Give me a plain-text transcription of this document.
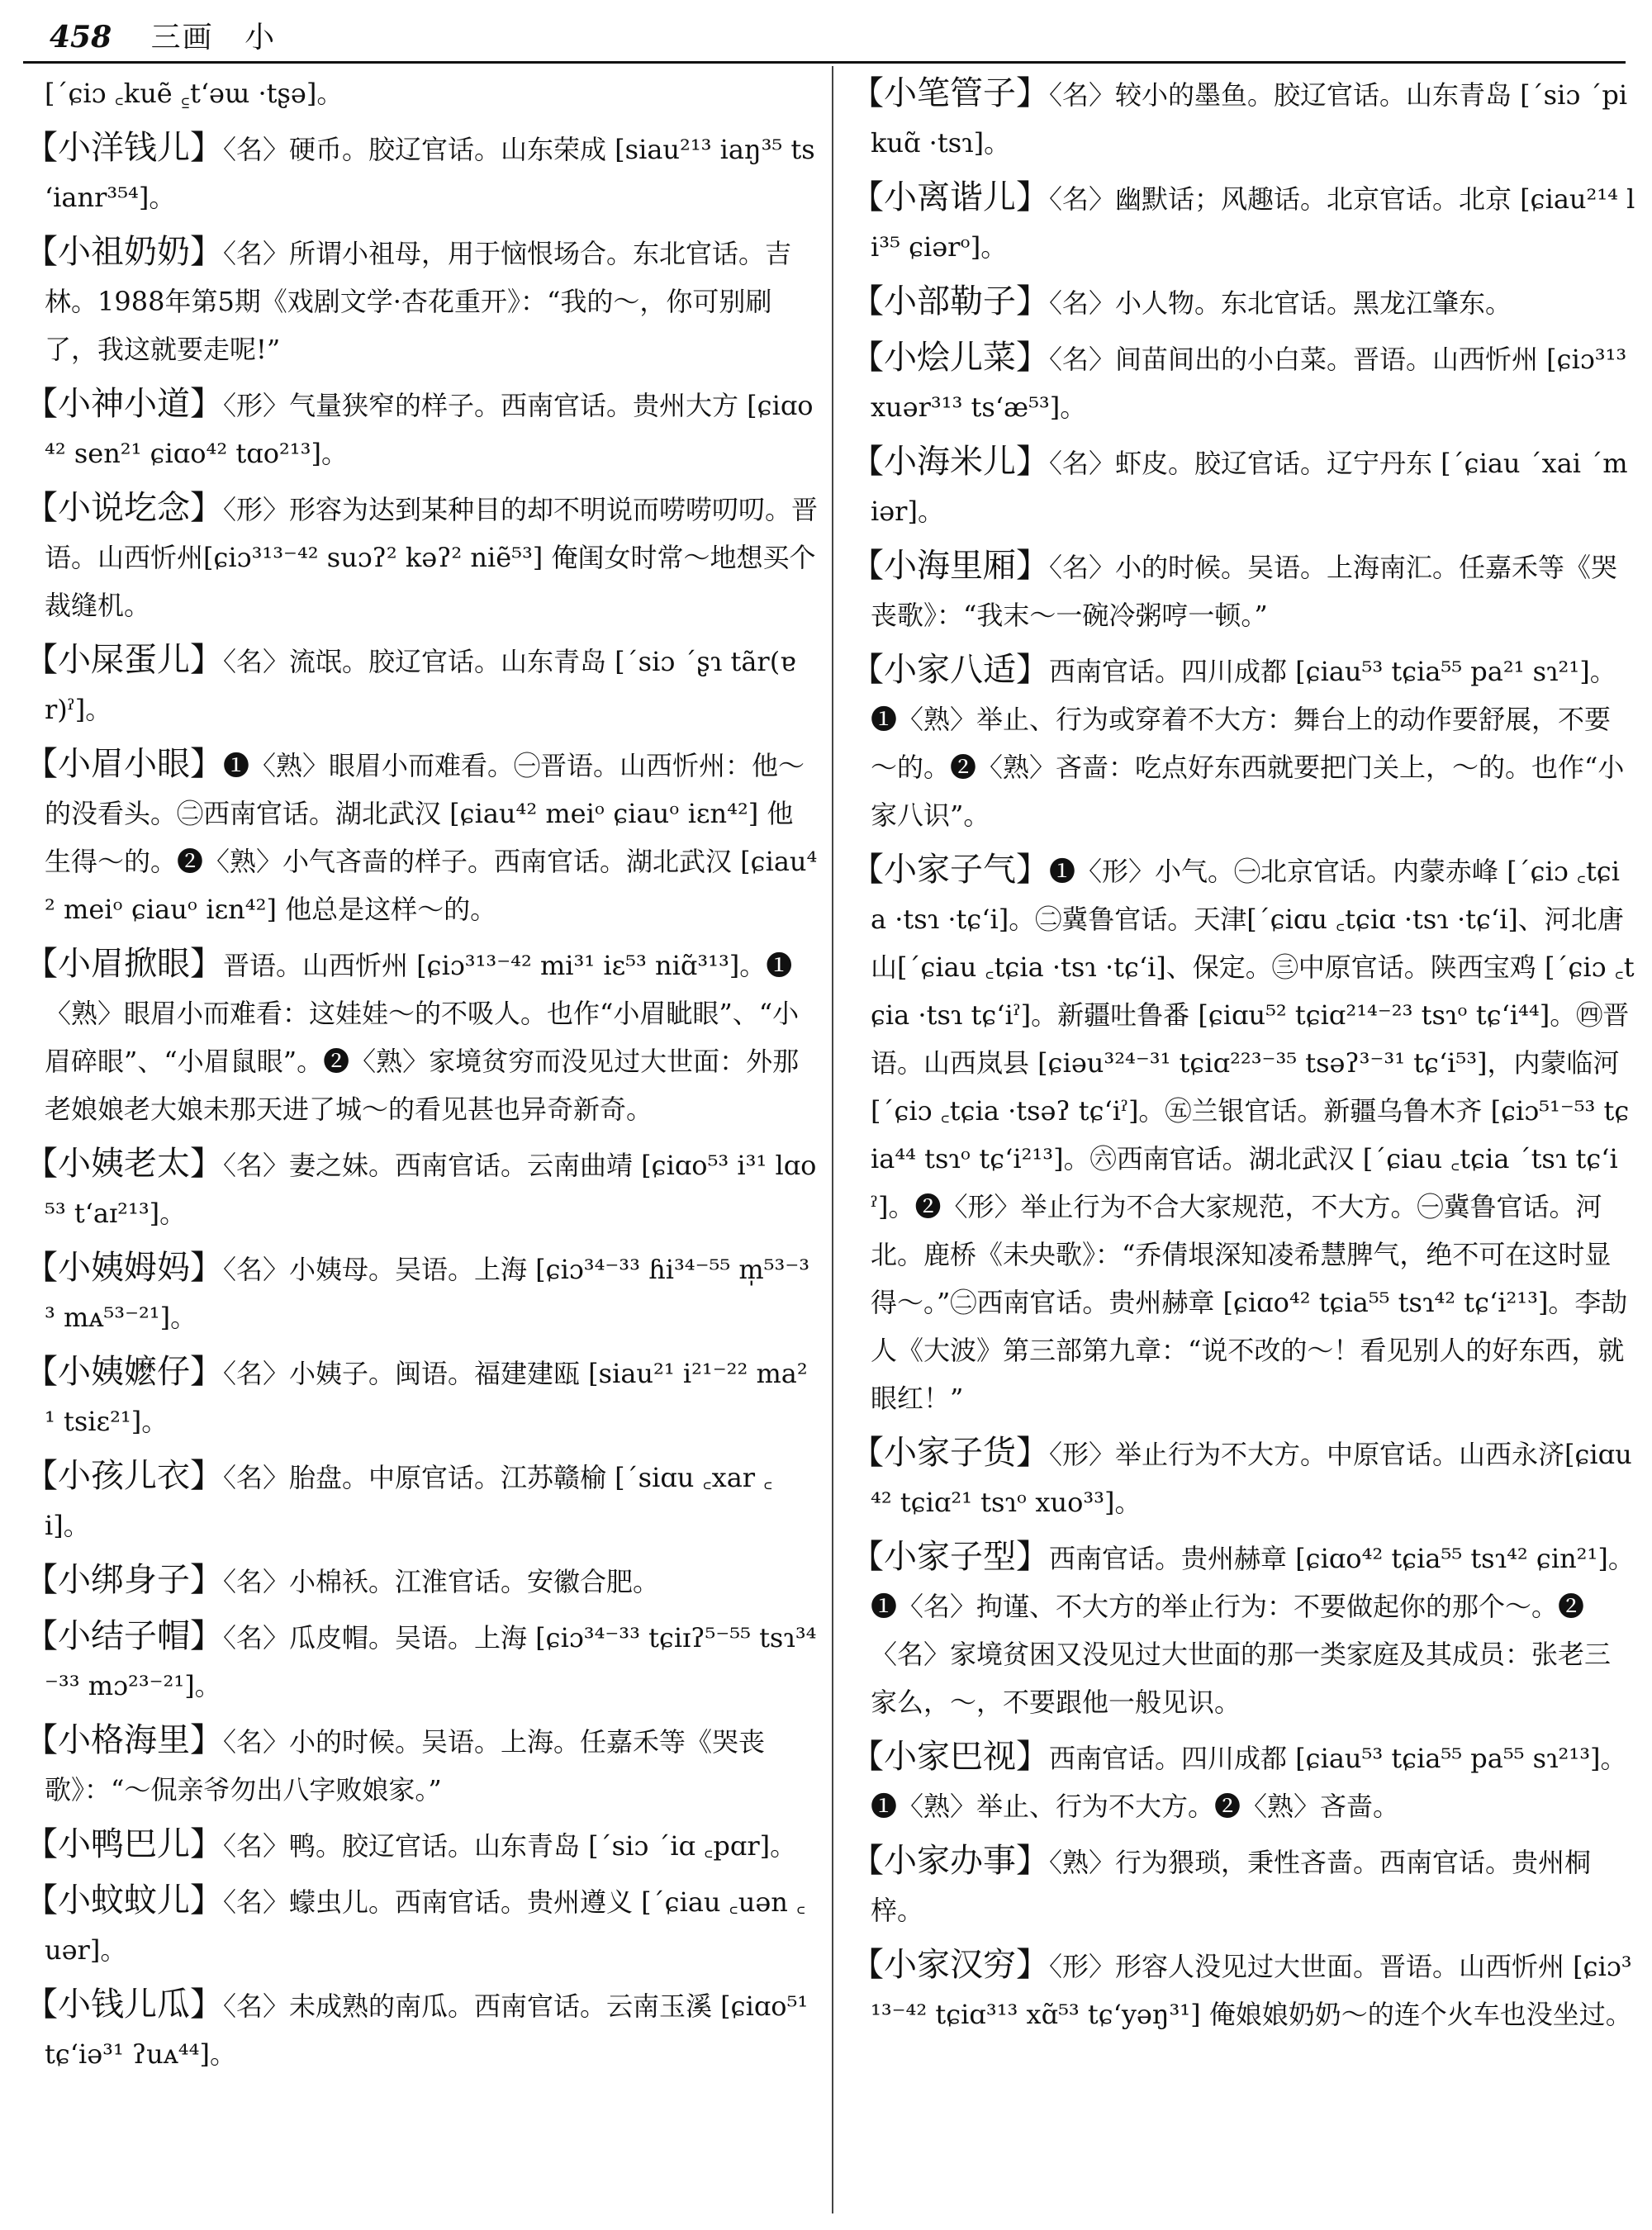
458 三画 小

[ˊɕiɔ ꜀kuẽ ꜁tʻəɯ ·tʂə]。

【 小洋钱儿 】 〈名〉硬币。胶辽官话。山东荣成 [siau²¹³ iaŋ³⁵ tsʻianr³⁵⁴]。

【 小祖奶奶 】 〈名〉所谓小祖母，用于恼恨场合。东北官话。吉林。1988年第5期《戏剧文学·杏花重开》：“我的～，你可别刷了，我这就要走呢!”

【 小神小道 】 〈形〉气量狭窄的样子。西南官话。贵州大方 [ɕiɑo⁴² sen²¹ ɕiɑo⁴² tɑo²¹³]。

【 小说圪念 】 〈形〉形容为达到某种目的却不明说而唠唠叨叨。晋语。山西忻州[ɕiɔ³¹³⁻⁴² suɔʔ² kəʔ² niẽ⁵³] 俺闺女时常～地想买个裁缝机。

【 小屎蛋儿 】 〈名〉流氓。胶辽官话。山东青岛 [ˊsiɔ ˊʂɿ tãr(ɐr)ˀ]。

【 小眉小眼 】 ❶〈熟〉眼眉小而难看。㊀晋语。山西忻州：他～的没看头。㊁西南官话。湖北武汉 [ɕiau⁴² meiᵒ ɕiauᵒ iɛn⁴²] 他生得～的。❷〈熟〉小气吝啬的样子。西南官话。湖北武汉 [ɕiau⁴² meiᵒ ɕiauᵒ iɛn⁴²] 他总是这样～的。

【 小眉掀眼 】 晋语。山西忻州 [ɕiɔ³¹³⁻⁴² mi³¹ iɛ⁵³ niɑ̃³¹³]。❶〈熟〉眼眉小而难看：这娃娃～的不吸人。也作“小眉眦眼”、“小眉碎眼”、“小眉鼠眼”。❷〈熟〉家境贫穷而没见过大世面：外那老娘娘老大娘未那天进了城～的看见甚也异奇新奇。

【 小姨老太 】 〈名〉妻之妹。西南官话。云南曲靖 [ɕiɑo⁵³ i³¹ lɑo⁵³ tʻaɪ²¹³]。

【 小姨姆妈 】 〈名〉小姨母。吴语。上海 [ɕiɔ³⁴⁻³³ ɦi³⁴⁻⁵⁵ m̩⁵³⁻³³ mᴀ⁵³⁻²¹]。

【 小姨嬷仔 】 〈名〉小姨子。闽语。福建建瓯 [siau²¹ i²¹⁻²² ma²¹ tsiɛ²¹]。

【 小孩儿衣 】 〈名〉胎盘。中原官话。江苏赣榆 [ˊsiɑu ꜀xar ꜀i]。

【 小绑身子 】 〈名〉小棉袄。江淮官话。安徽合肥。

【 小结子帽 】 〈名〉瓜皮帽。吴语。上海 [ɕiɔ³⁴⁻³³ tɕiɪʔ⁵⁻⁵⁵ tsɿ³⁴⁻³³ mɔ²³⁻²¹]。

【 小格海里 】 〈名〉小的时候。吴语。上海。任嘉禾等《哭丧歌》：“～侃亲爷勿出八字败娘家。”

【 小鸭巴儿 】 〈名〉鸭。胶辽官话。山东青岛 [ˊsiɔ ˊiɑ ꜀pɑr]。

【 小蚊蚊儿 】 〈名〉蠓虫儿。西南官话。贵州遵义 [ˊɕiau ꜀uən ꜀uər]。

【 小钱儿瓜 】 〈名〉未成熟的南瓜。西南官话。云南玉溪 [ɕiɑo⁵¹ tɕʻiə³¹ ʔuᴀ⁴⁴]。

【 小笔管子 】 〈名〉较小的墨鱼。胶辽官话。山东青岛 [ˊsiɔ ˊpi kuɑ̃ ·tsɿ]。

【 小离谐儿 】 〈名〉幽默话；风趣话。北京官话。北京 [ɕiau²¹⁴ li³⁵ ɕiərᵒ]。

【 小部勒子 】 〈名〉小人物。东北官话。黑龙江肇东。

【 小烩儿菜 】 〈名〉间苗间出的小白菜。晋语。山西忻州 [ɕiɔ³¹³ xuər³¹³ tsʻæ⁵³]。

【 小海米儿 】 〈名〉虾皮。胶辽官话。辽宁丹东 [ˊɕiau ˊxai ˊmiər]。

【 小海里厢 】 〈名〉小的时候。吴语。上海南汇。任嘉禾等《哭丧歌》：“我末～一碗冷粥哼一顿。”

【 小家八适 】 西南官话。四川成都 [ɕiau⁵³ tɕia⁵⁵ pa²¹ sɿ²¹]。❶〈熟〉举止、行为或穿着不大方：舞台上的动作要舒展，不要～的。❷〈熟〉吝啬：吃点好东西就要把门关上，～的。也作“小家八识”。

【 小家子气 】 ❶〈形〉小气。㊀北京官话。内蒙赤峰 [ˊɕiɔ ꜀tɕia ·tsɿ ·tɕʻi]。㊁冀鲁官话。天津[ˊɕiɑu ꜀tɕiɑ ·tsɿ ·tɕʻi]、河北唐山[ˊɕiau ꜀tɕia ·tsɿ ·tɕʻi]、保定。㊂中原官话。陕西宝鸡 [ˊɕiɔ ꜀tɕia ·tsɿ tɕʻiˀ]。新疆吐鲁番 [ɕiɑu⁵² tɕiɑ²¹⁴⁻²³ tsɿᵒ tɕʻi⁴⁴]。㊃晋语。山西岚县 [ɕiəu³²⁴⁻³¹ tɕiɑ²²³⁻³⁵ tsəʔ³⁻³¹ tɕʻi⁵³]，内蒙临河 [ˊɕiɔ ꜀tɕia ·tsəʔ tɕʻiˀ]。㊄兰银官话。新疆乌鲁木齐 [ɕiɔ⁵¹⁻⁵³ tɕia⁴⁴ tsɿᵒ tɕʻi²¹³]。㊅西南官话。湖北武汉 [ˊɕiau ꜀tɕia ˊtsɿ tɕʻiˀ]。❷〈形〉举止行为不合大家规范，不大方。㊀冀鲁官话。河北。鹿桥《未央歌》：“乔倩垠深知凌希慧脾气，绝不可在这时显得～。”㊁西南官话。贵州赫章 [ɕiɑo⁴² tɕia⁵⁵ tsɿ⁴² tɕʻi²¹³]。李劼人《大波》第三部第九章：“说不改的～！看见别人的好东西，就眼红！”

【 小家子货 】 〈形〉举止行为不大方。中原官话。山西永济[ɕiɑu⁴² tɕiɑ²¹ tsɿᵒ xuo³³]。

【 小家子型 】 西南官话。贵州赫章 [ɕiɑo⁴² tɕia⁵⁵ tsɿ⁴² ɕin²¹]。❶〈名〉拘谨、不大方的举止行为：不要做起你的那个～。❷〈名〉家境贫困又没见过大世面的那一类家庭及其成员：张老三家么，～，不要跟他一般见识。

【 小家巴视 】 西南官话。四川成都 [ɕiau⁵³ tɕia⁵⁵ pa⁵⁵ sɿ²¹³]。❶〈熟〉举止、行为不大方。❷〈熟〉吝啬。

【 小家办事 】 〈熟〉行为猥琐，秉性吝啬。西南官话。贵州桐梓。

【 小家汉穷 】 〈形〉形容人没见过大世面。晋语。山西忻州 [ɕiɔ³¹³⁻⁴² tɕiɑ³¹³ xɑ̃⁵³ tɕʻyəŋ³¹] 俺娘娘奶奶～的连个火车也没坐过。
